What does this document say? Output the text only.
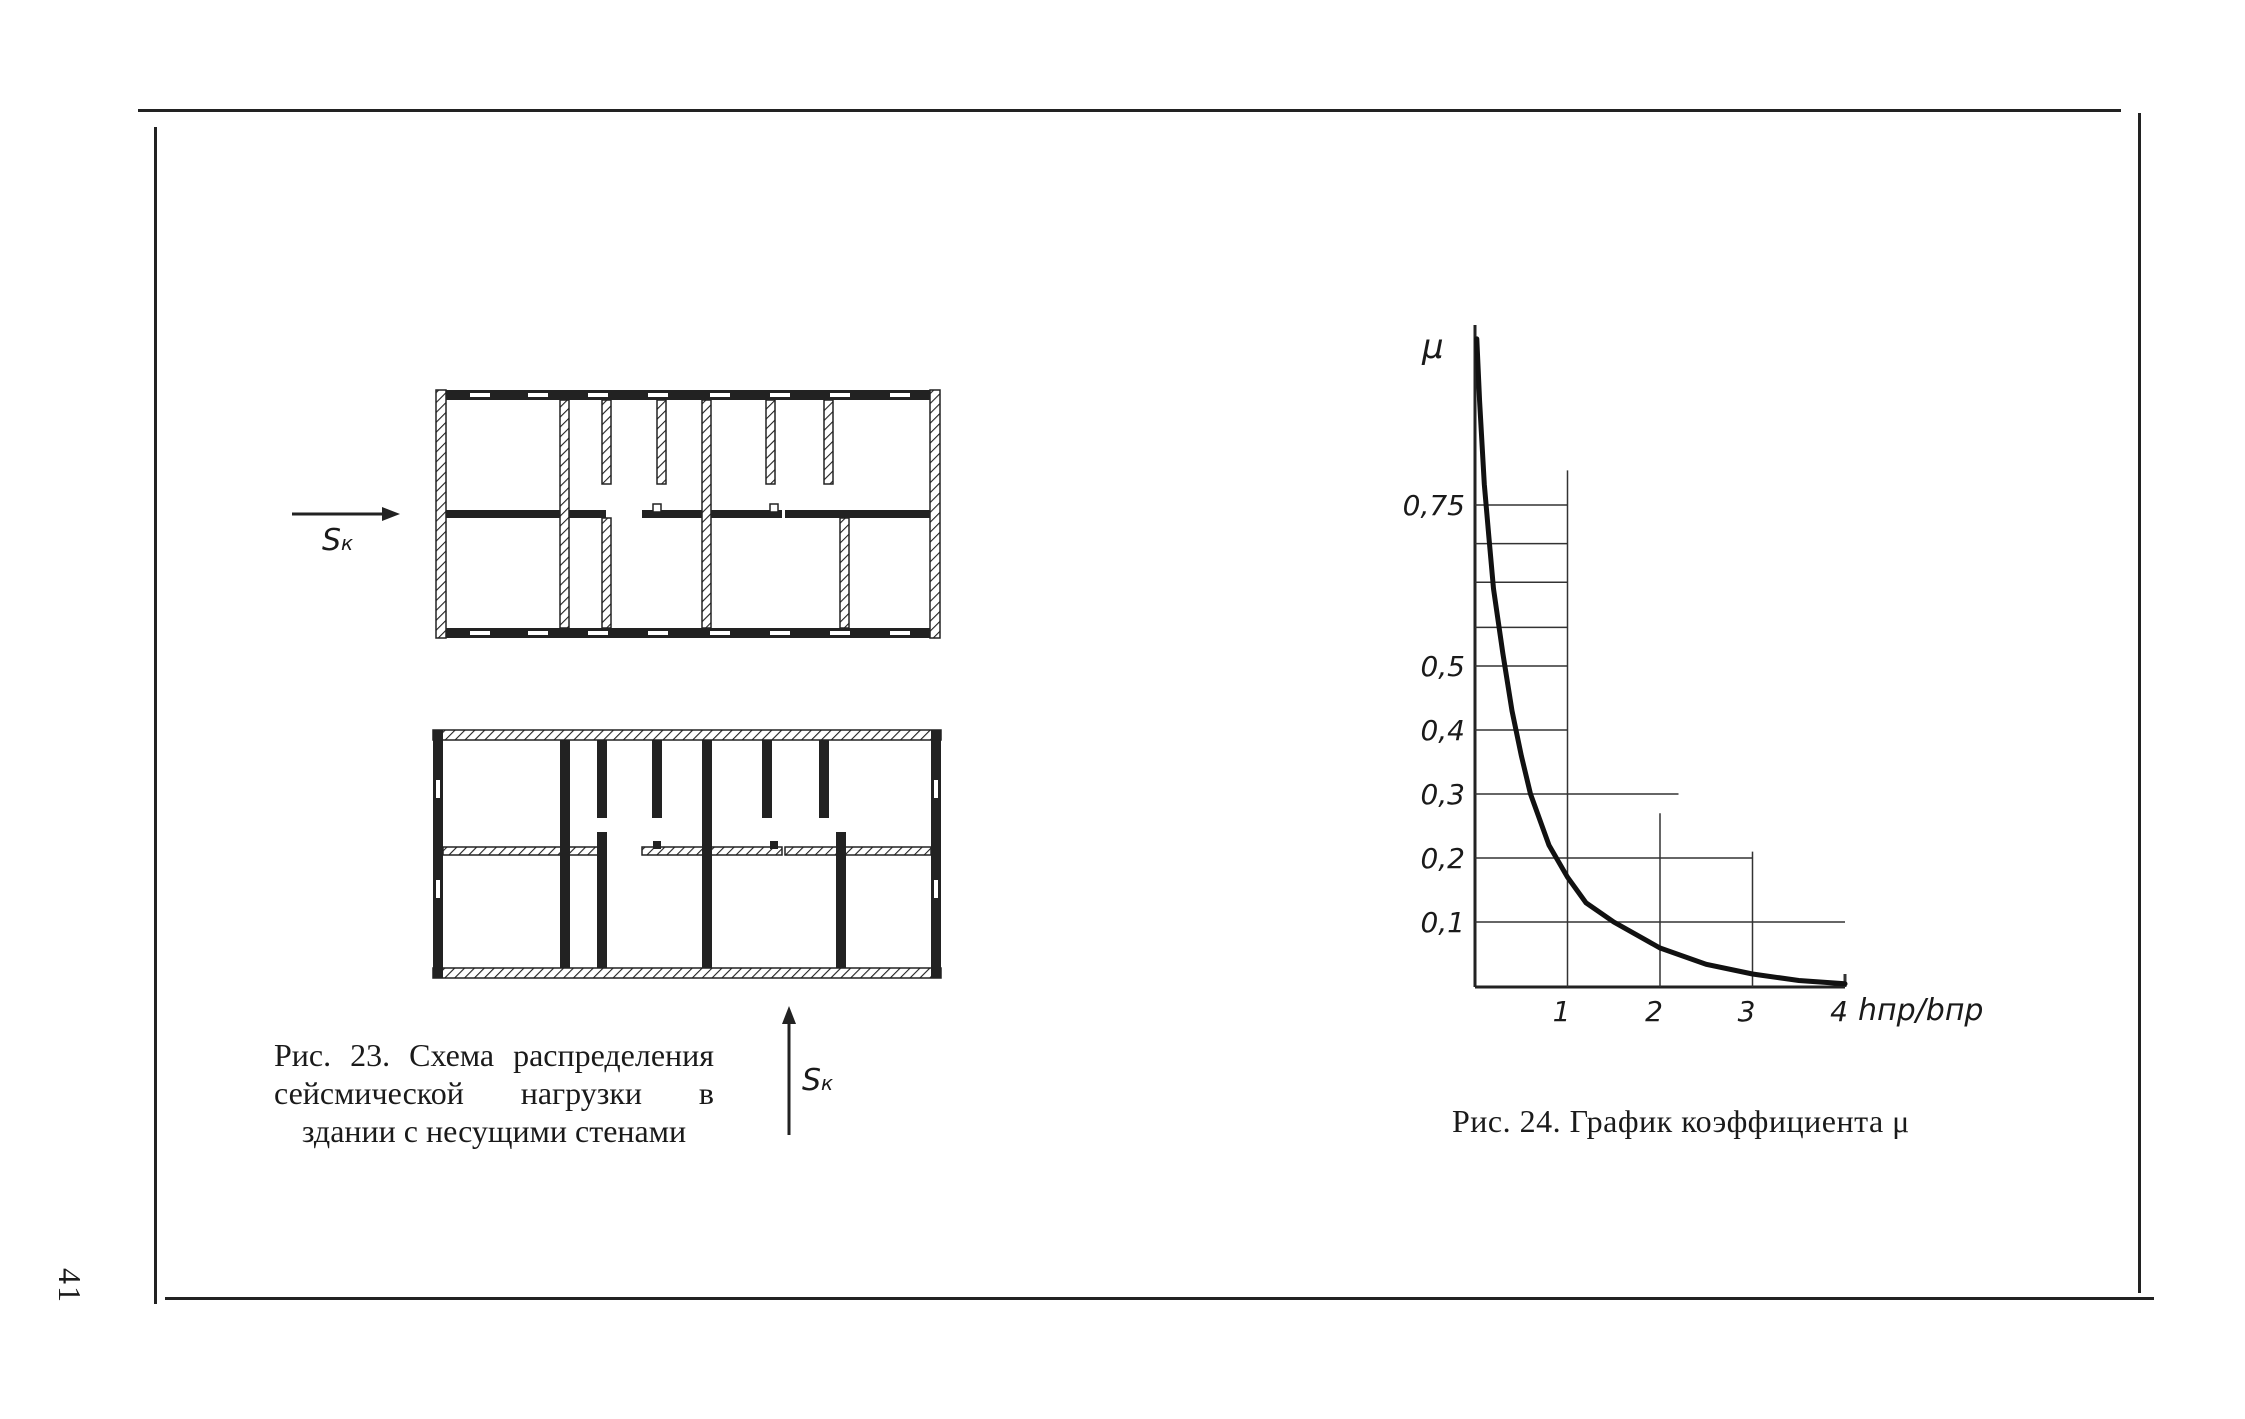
41
Sк
Sк
Рис. 23. Схема распределения сейсмической нагрузки в здании с несущими стенами
μ
hпр/bпр
0,75
0,5
0,4
0,3
0,2
0,1
1	2	3	4
Рис. 24. График коэффициента μ
